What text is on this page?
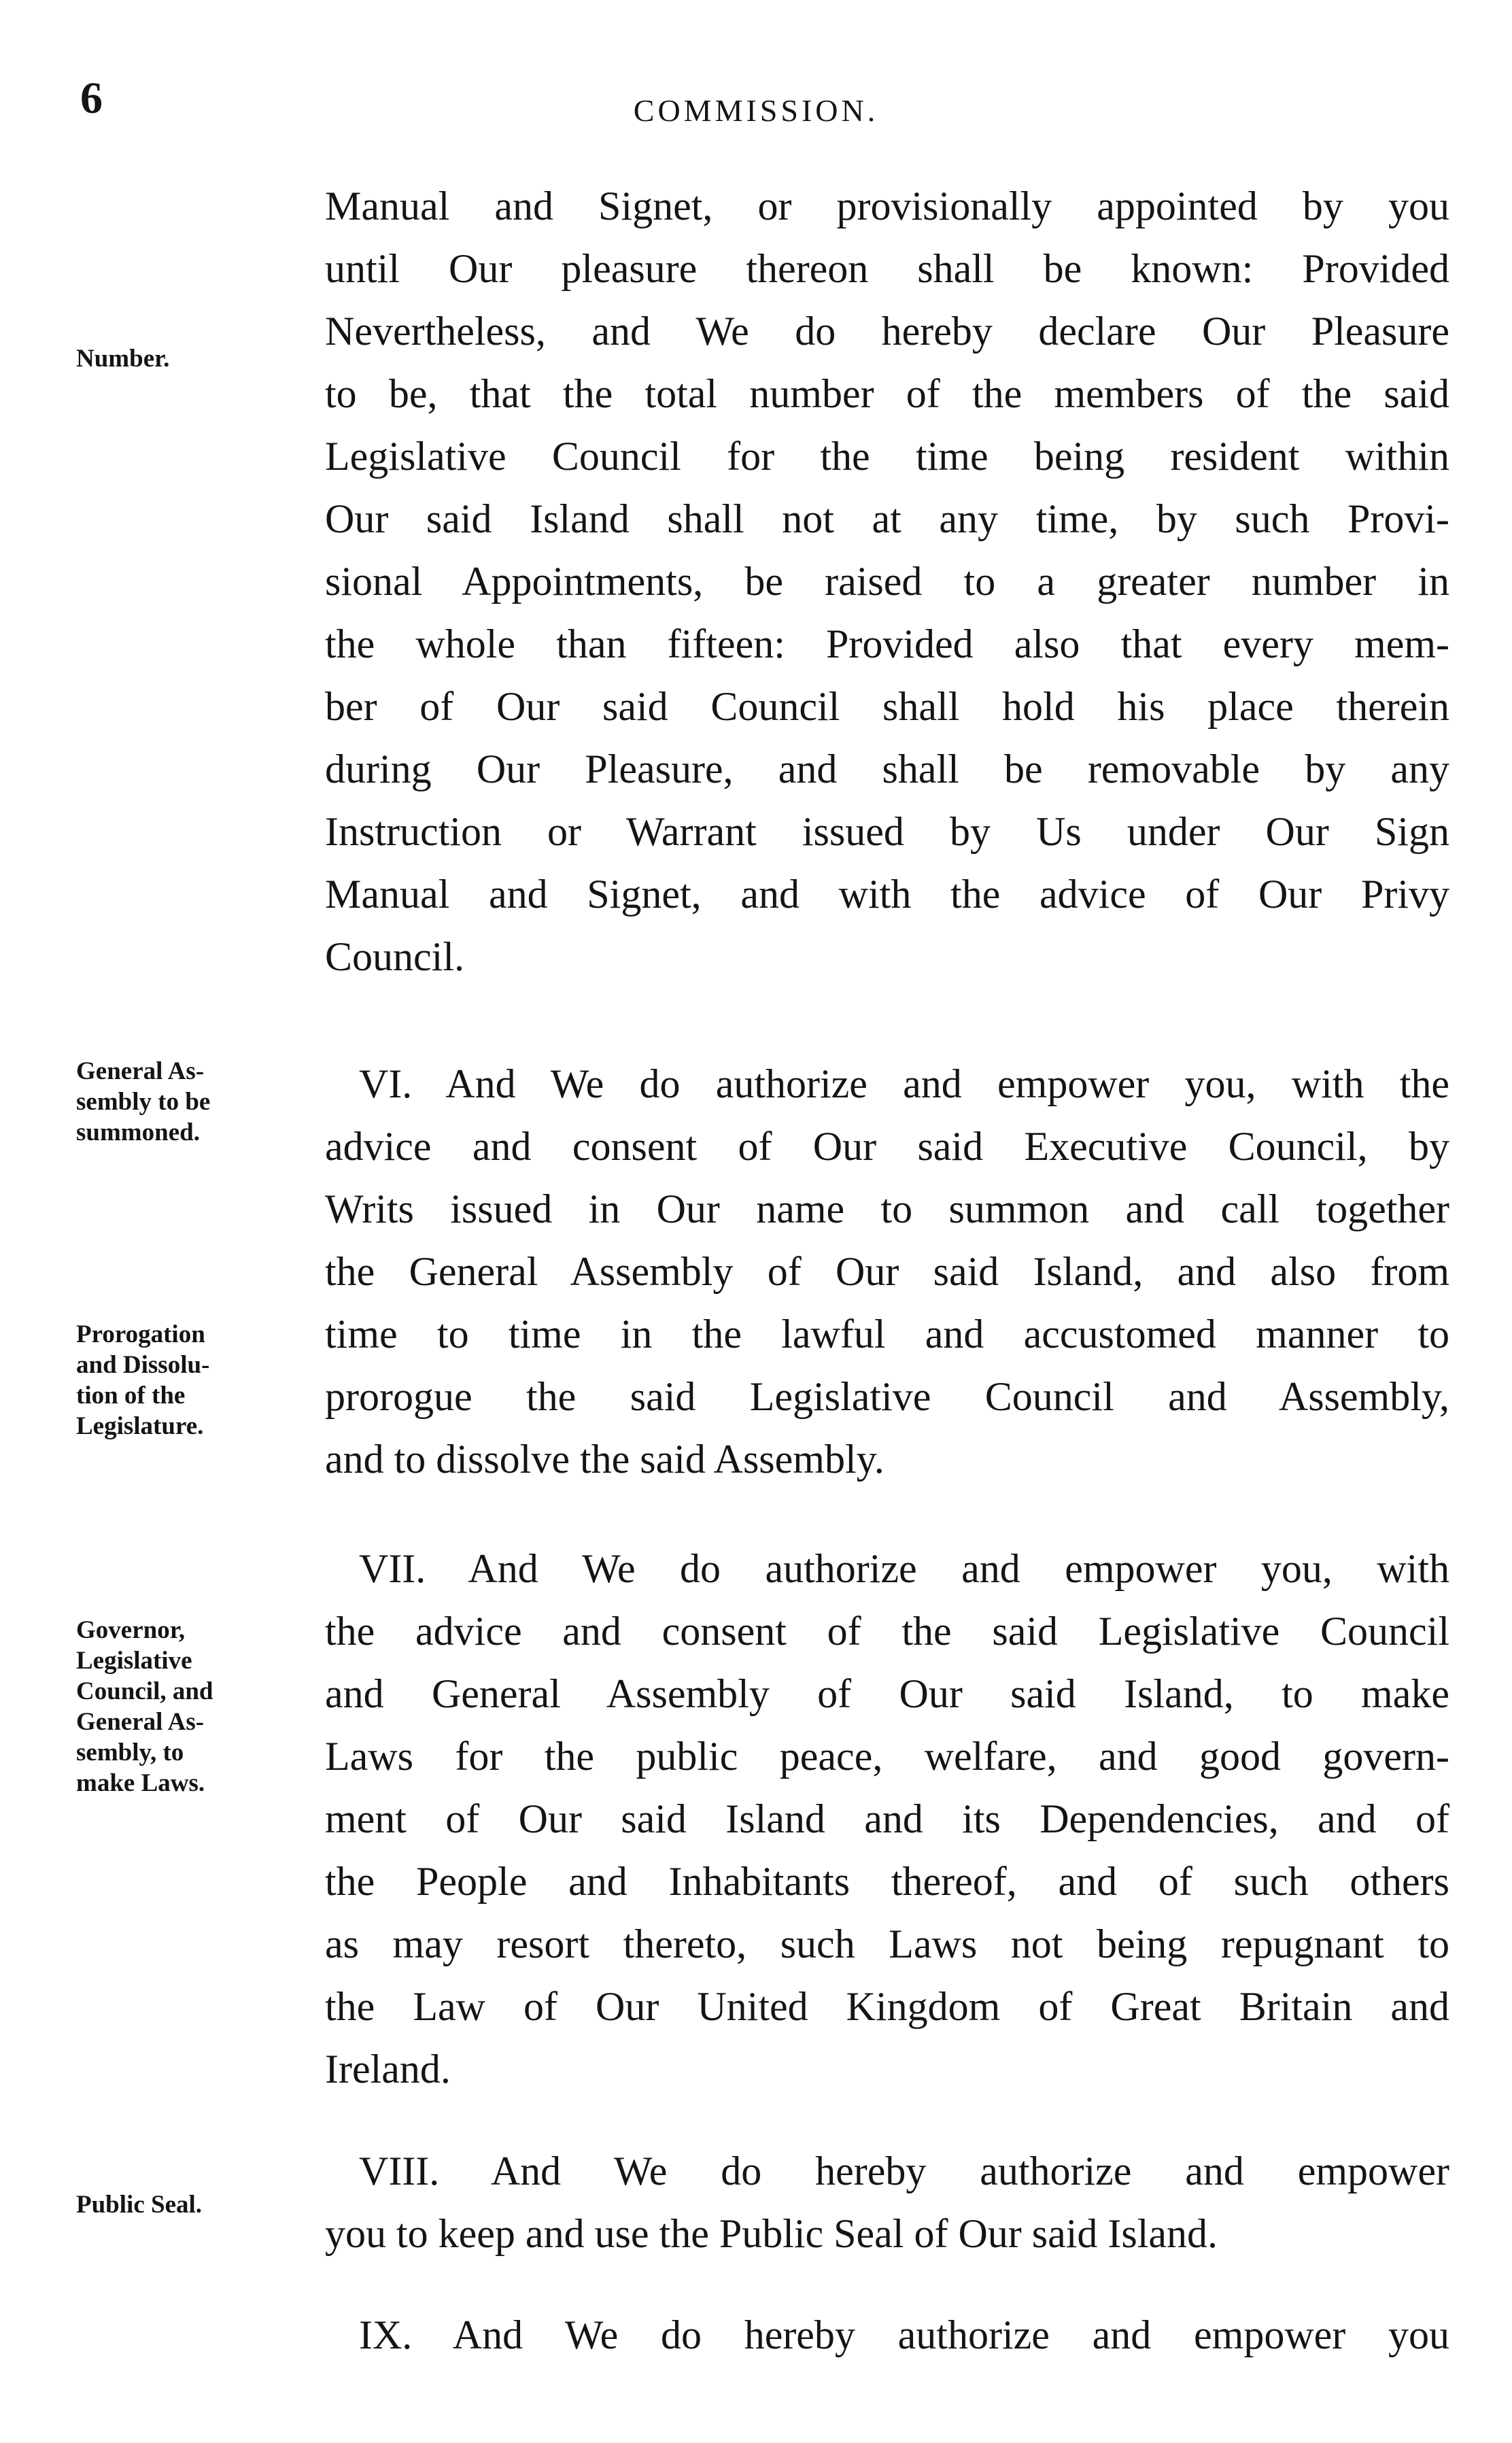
6	COMMISSION.
Number.
General As-
sembly to be
summoned.
Prorogation
and Dissolu-
tion of the
Legislature.
Governor,
Legislative
Council, and
General As-
sembly, to
make Laws.
Public Seal.

Manual and Signet, or provisionally appointed by you

until Our pleasure thereon shall be known: Provided

Nevertheless, and We do hereby declare Our Pleasure

to be, that the total number of the members of the said

Legislative Council for the time being resident within

Our said Island shall not at any time, by such Provi-

sional Appointments, be raised to a greater number in

the whole than fifteen: Provided also that every mem-

ber of Our said Council shall hold his place therein

during Our Pleasure, and shall be removable by any

Instruction or Warrant issued by Us under Our Sign

Manual and Signet, and with the advice of Our Privy

Council.

VI. And We do authorize and empower you, with the

advice and consent of Our said Executive Council, by

Writs issued in Our name to summon and call together

the General Assembly of Our said Island, and also from

time to time in the lawful and accustomed manner to

prorogue the said Legislative Council and Assembly,

and to dissolve the said Assembly.

VII. And We do authorize and empower you, with

the advice and consent of the said Legislative Council

and General Assembly of Our said Island, to make

Laws for the public peace, welfare, and good govern-

ment of Our said Island and its Dependencies, and of

the People and Inhabitants thereof, and of such others

as may resort thereto, such Laws not being repugnant to

the Law of Our United Kingdom of Great Britain and

Ireland.

VIII. And We do hereby authorize and empower

you to keep and use the Public Seal of Our said Island.

IX. And We do hereby authorize and empower you
